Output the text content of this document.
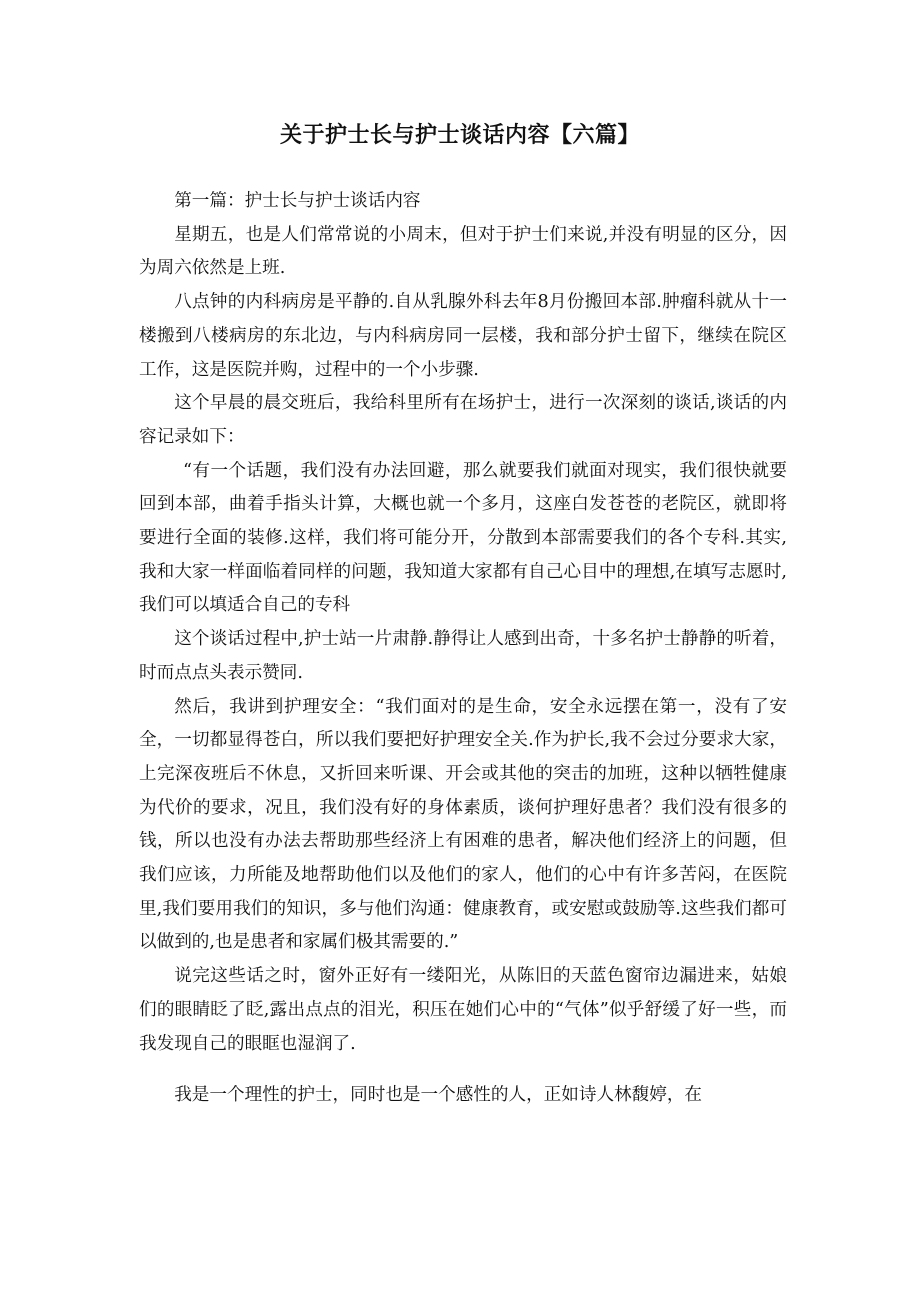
关于护士长与护士谈话内容【六篇】

第一篇：护士长与护士谈话内容

星期五，也是人们常常说的小周末，但对于护士们来说,并没有明显的区分，因为周六依然是上班.

八点钟的内科病房是平静的.自从乳腺外科去年8月份搬回本部.肿瘤科就从十一楼搬到八楼病房的东北边，与内科病房同一层楼，我和部分护士留下，继续在院区工作，这是医院并购，过程中的一个小步骤.

这个早晨的晨交班后，我给科里所有在场护士，进行一次深刻的谈话,谈话的内容记录如下：

“有一个话题，我们没有办法回避，那么就要我们就面对现实，我们很快就要回到本部，曲着手指头计算，大概也就一个多月，这座白发苍苍的老院区，就即将要进行全面的装修.这样，我们将可能分开，分散到本部需要我们的各个专科.其实,我和大家一样面临着同样的问题，我知道大家都有自己心目中的理想,在填写志愿时,我们可以填适合自己的专科

这个谈话过程中,护士站一片肃静.静得让人感到出奇，十多名护士静静的听着，时而点点头表示赞同.

然后，我讲到护理安全：“我们面对的是生命，安全永远摆在第一，没有了安全，一切都显得苍白，所以我们要把好护理安全关.作为护长,我不会过分要求大家，上完深夜班后不休息，又折回来听课、开会或其他的突击的加班，这种以牺牲健康为代价的要求，况且，我们没有好的身体素质，谈何护理好患者？我们没有很多的钱，所以也没有办法去帮助那些经济上有困难的患者，解决他们经济上的问题，但我们应该，力所能及地帮助他们以及他们的家人，他们的心中有许多苦闷，在医院里,我们要用我们的知识，多与他们沟通：健康教育，或安慰或鼓励等.这些我们都可以做到的,也是患者和家属们极其需要的.”

说完这些话之时，窗外正好有一缕阳光，从陈旧的天蓝色窗帘边漏进来，姑娘们的眼睛眨了眨,露出点点的泪光，积压在她们心中的“气体”似乎舒缓了好一些，而我发现自己的眼眶也湿润了.

我是一个理性的护士，同时也是一个感性的人，正如诗人林馥婷，在
